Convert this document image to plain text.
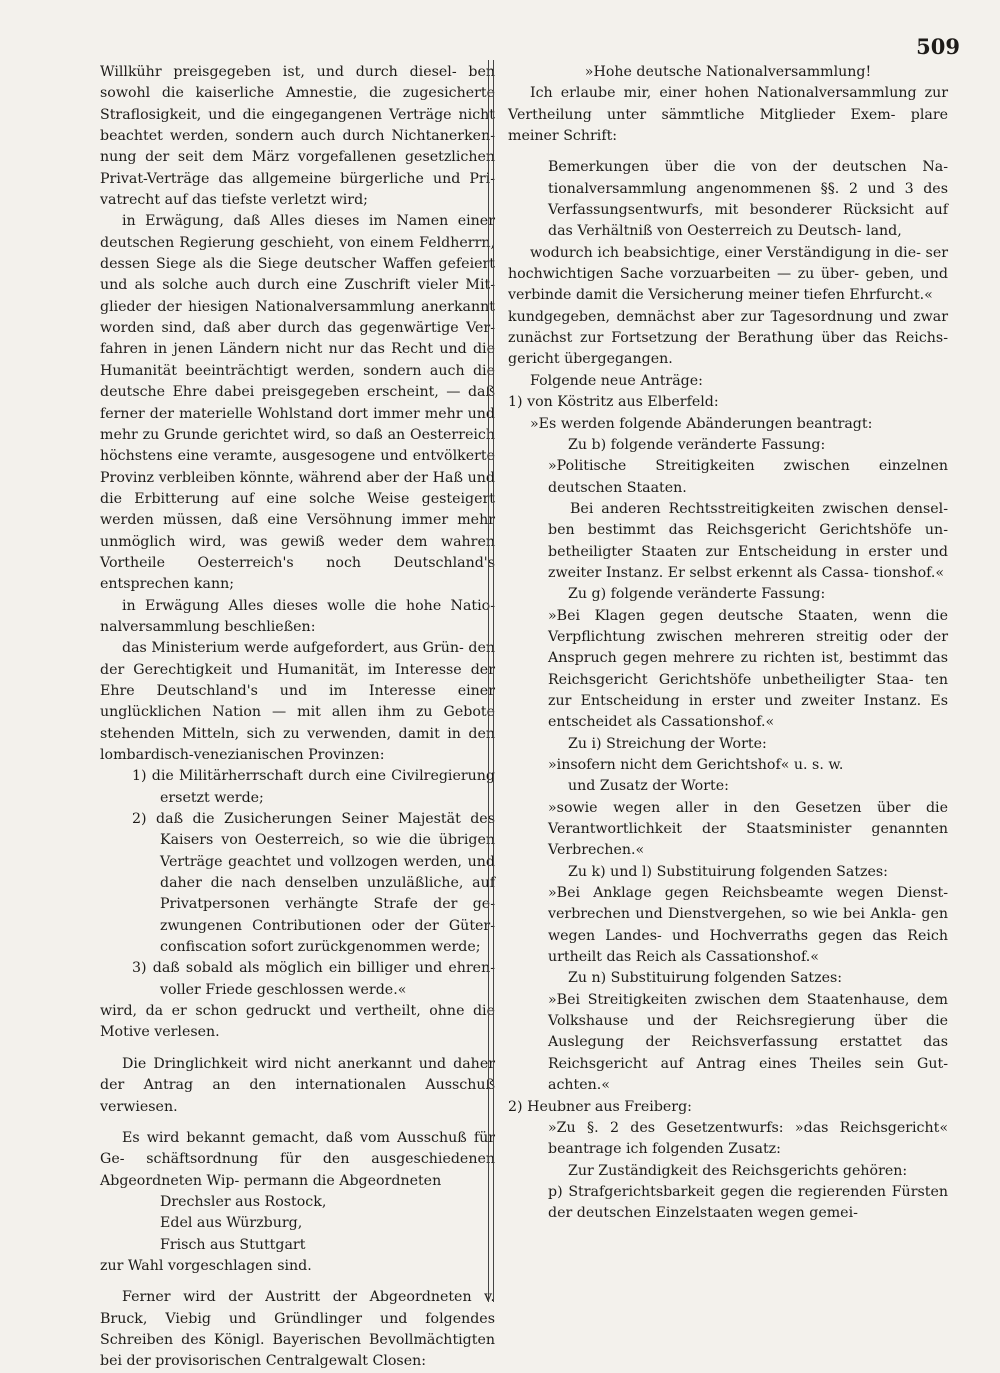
509

Willkühr preisgegeben ist, und durch diesel- ben sowohl die kaiserliche Amnestie, die zugesicherte Straflosigkeit, und die eingegangenen Verträge nicht beachtet werden, sondern auch durch Nichtanerken- nung der seit dem März vorgefallenen gesetzlichen Privat-Verträge das allgemeine bürgerliche und Pri- vatrecht auf das tiefste verletzt wird;

in Erwägung, daß Alles dieses im Namen einer deutschen Regierung geschieht, von einem Feldherrn, dessen Siege als die Siege deutscher Waffen gefeiert und als solche auch durch eine Zuschrift vieler Mit- glieder der hiesigen Nationalversammlung anerkannt worden sind, daß aber durch das gegenwärtige Ver- fahren in jenen Ländern nicht nur das Recht und die Humanität beeinträchtigt werden, sondern auch die deutsche Ehre dabei preisgegeben erscheint, — daß ferner der materielle Wohlstand dort immer mehr und mehr zu Grunde gerichtet wird, so daß an Oesterreich höchstens eine veramte, ausgesogene und entvölkerte Provinz verbleiben könnte, während aber der Haß und die Erbitterung auf eine solche Weise gesteigert werden müssen, daß eine Versöhnung immer mehr unmöglich wird, was gewiß weder dem wahren Vortheile Oesterreich's noch Deutschland's entsprechen kann;

in Erwägung Alles dieses wolle die hohe Natio- nalversammlung beschließen:

das Ministerium werde aufgefordert, aus Grün- den der Gerechtigkeit und Humanität, im Interesse der Ehre Deutschland's und im Interesse einer unglücklichen Nation — mit allen ihm zu Gebote stehenden Mitteln, sich zu verwenden, damit in den lombardisch-venezianischen Provinzen:

1) die Militärherrschaft durch eine Civilregierung ersetzt werde;

2) daß die Zusicherungen Seiner Majestät des Kaisers von Oesterreich, so wie die übrigen Verträge geachtet und vollzogen werden, und daher die nach denselben unzuläßliche, auf Privatpersonen verhängte Strafe der ge- zwungenen Contributionen oder der Güter- confiscation sofort zurückgenommen werde;

3) daß sobald als möglich ein billiger und ehren- voller Friede geschlossen werde.«

wird, da er schon gedruckt und vertheilt, ohne die Motive verlesen.

Die Dringlichkeit wird nicht anerkannt und daher der Antrag an den internationalen Ausschuß verwiesen.

Es wird bekannt gemacht, daß vom Ausschuß für Ge- schäftsordnung für den ausgeschiedenen Abgeordneten Wip- permann die Abgeordneten

Drechsler aus Rostock,

Edel aus Würzburg,

Frisch aus Stuttgart

zur Wahl vorgeschlagen sind.

Ferner wird der Austritt der Abgeordneten v. Bruck, Viebig und Gründlinger und folgendes Schreiben des Königl. Bayerischen Bevollmächtigten bei der provisorischen Centralgewalt Closen:

»Hohe deutsche Nationalversammlung!

Ich erlaube mir, einer hohen Nationalversammlung zur Vertheilung unter sämmtliche Mitglieder Exem- plare meiner Schrift:

Bemerkungen über die von der deutschen Na- tionalversammlung angenommenen §§. 2 und 3 des Verfassungsentwurfs, mit besonderer Rücksicht auf das Verhältniß von Oesterreich zu Deutsch- land,

wodurch ich beabsichtige, einer Verständigung in die- ser hochwichtigen Sache vorzuarbeiten — zu über- geben, und verbinde damit die Versicherung meiner tiefen Ehrfurcht.«

kundgegeben, demnächst aber zur Tagesordnung und zwar zunächst zur Fortsetzung der Berathung über das Reichs- gericht übergegangen.

Folgende neue Anträge:

1) von Köstritz aus Elberfeld:

»Es werden folgende Abänderungen beantragt:

Zu b) folgende veränderte Fassung:

»Politische Streitigkeiten zwischen einzelnen deutschen Staaten.

Bei anderen Rechtsstreitigkeiten zwischen densel- ben bestimmt das Reichsgericht Gerichtshöfe un- betheiligter Staaten zur Entscheidung in erster und zweiter Instanz. Er selbst erkennt als Cassa- tionshof.«

Zu g) folgende veränderte Fassung:

»Bei Klagen gegen deutsche Staaten, wenn die Verpflichtung zwischen mehreren streitig oder der Anspruch gegen mehrere zu richten ist, bestimmt das Reichsgericht Gerichtshöfe unbetheiligter Staa- ten zur Entscheidung in erster und zweiter Instanz. Es entscheidet als Cassationshof.«

Zu i) Streichung der Worte:

»insofern nicht dem Gerichtshof« u. s. w.

und Zusatz der Worte:

»sowie wegen aller in den Gesetzen über die Verantwortlichkeit der Staatsminister genannten Verbrechen.«

Zu k) und l) Substituirung folgenden Satzes:

»Bei Anklage gegen Reichsbeamte wegen Dienst- verbrechen und Dienstvergehen, so wie bei Ankla- gen wegen Landes- und Hochverraths gegen das Reich urtheilt das Reich als Cassationshof.«

Zu n) Substituirung folgenden Satzes:

»Bei Streitigkeiten zwischen dem Staatenhause, dem Volkshause und der Reichsregierung über die Auslegung der Reichsverfassung erstattet das Reichsgericht auf Antrag eines Theiles sein Gut- achten.«

2) Heubner aus Freiberg:

»Zu §. 2 des Gesetzentwurfs: »das Reichsgericht« beantrage ich folgenden Zusatz:

Zur Zuständigkeit des Reichsgerichts gehören:

p) Strafgerichtsbarkeit gegen die regierenden Fürsten der deutschen Einzelstaaten wegen gemei-
